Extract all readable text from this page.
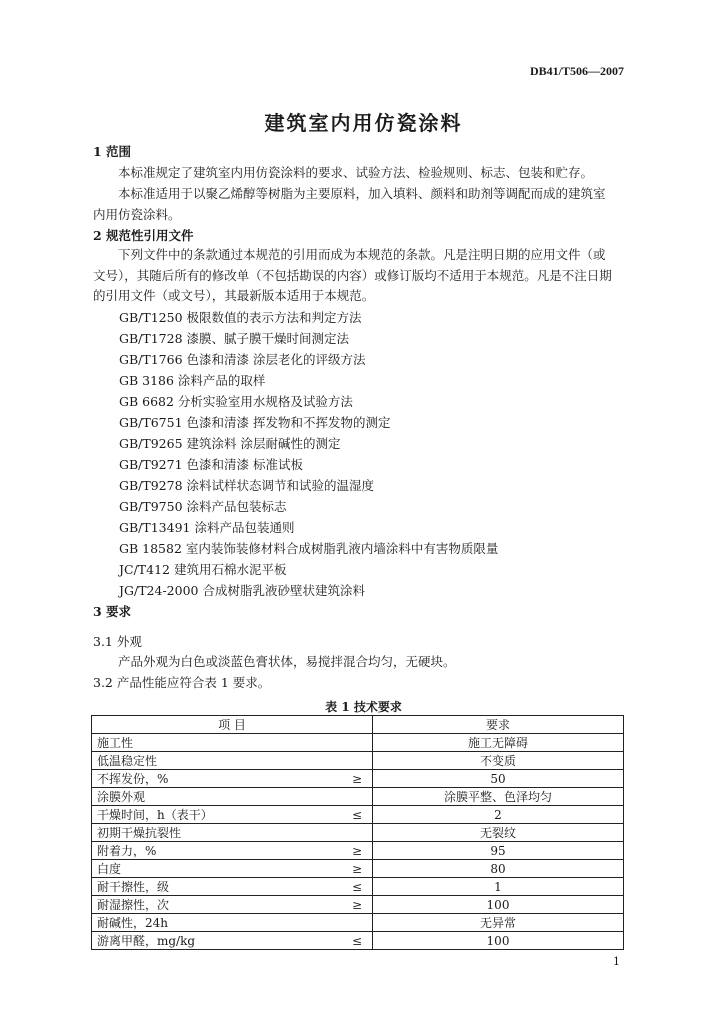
DB41/T506—2007
建筑室内用仿瓷涂料
1 范围
本标准规定了建筑室内用仿瓷涂料的要求、试验方法、检验规则、标志、包装和贮存。
本标准适用于以聚乙烯醇等树脂为主要原料，加入填料、颜料和助剂等调配而成的建筑室
内用仿瓷涂料。
2 规范性引用文件
下列文件中的条款通过本规范的引用而成为本规范的条款。凡是注明日期的应用文件（或
文号），其随后所有的修改单（不包括勘误的内容）或修订版均不适用于本规范。凡是不注日期
的引用文件（或文号），其最新版本适用于本规范。
GB/T1250 极限数值的表示方法和判定方法
GB/T1728 漆膜、腻子膜干燥时间测定法
GB/T1766 色漆和清漆 涂层老化的评级方法
GB 3186 涂料产品的取样
GB 6682 分析实验室用水规格及试验方法
GB/T6751 色漆和清漆 挥发物和不挥发物的测定
GB/T9265 建筑涂料 涂层耐碱性的测定
GB/T9271 色漆和清漆 标准试板
GB/T9278 涂料试样状态调节和试验的温湿度
GB/T9750 涂料产品包装标志
GB/T13491 涂料产品包装通则
GB 18582 室内装饰装修材料合成树脂乳液内墙涂料中有害物质限量
JC/T412 建筑用石棉水泥平板
JG/T24-2000 合成树脂乳液砂壁状建筑涂料
3 要求
3.1 外观
产品外观为白色或淡蓝色膏状体，易搅拌混合均匀，无硬块。
3.2 产品性能应符合表 1 要求。
表 1 技术要求
项 目		要求
施工性		施工无障碍
低温稳定性		不变质
不挥发份，%	≥	50
涂膜外观		涂膜平整、色泽均匀
干燥时间，h（表干）	≤	2
初期干燥抗裂性		无裂纹
附着力，%	≥	95
白度	≥	80
耐干擦性，级	≤	1
耐湿擦性，次	≥	100
耐碱性，24h		无异常
游离甲醛，mg/kg	≤	100
1
